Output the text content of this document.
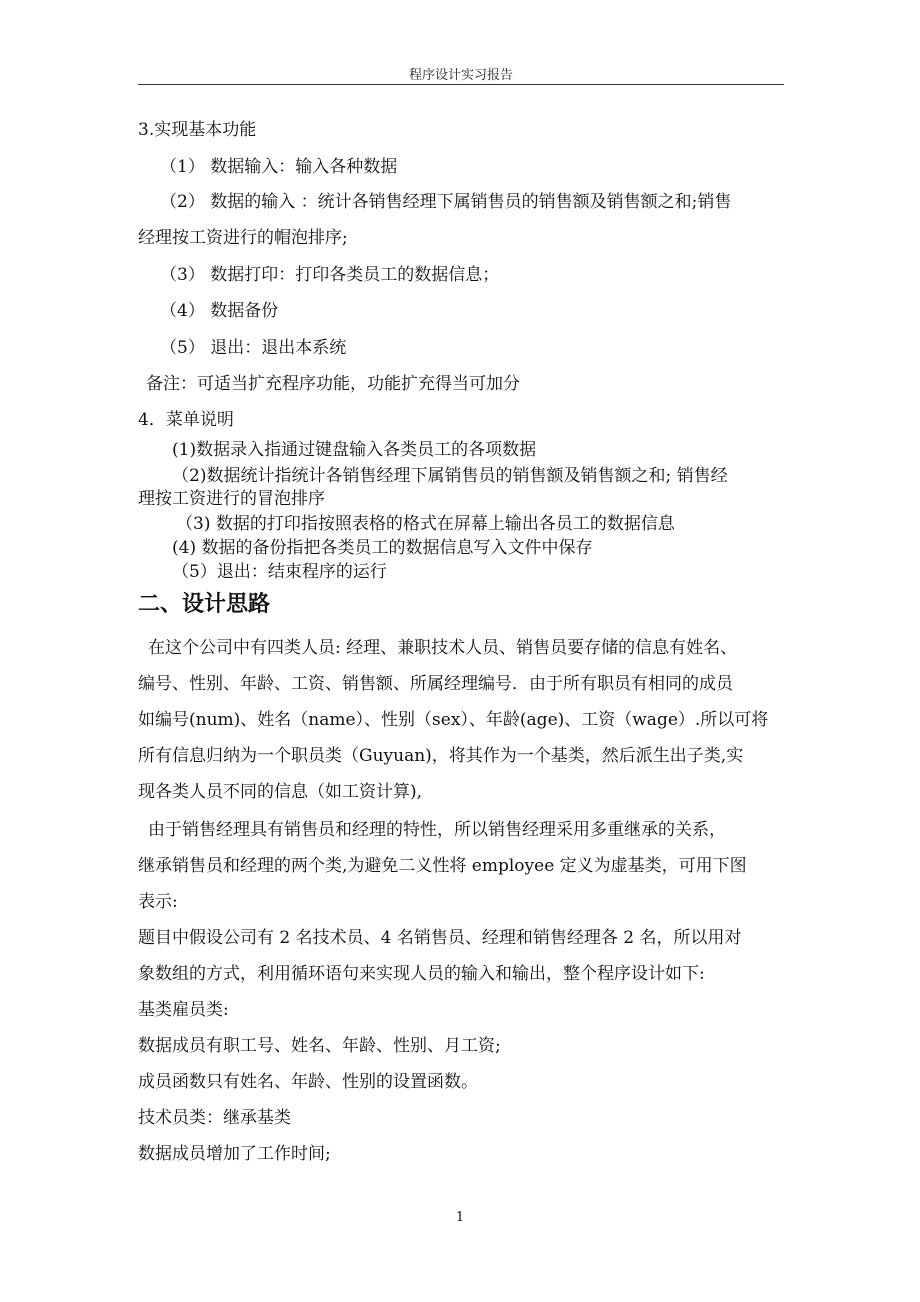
程序设计实习报告
3.实现基本功能
（1） 数据输入：输入各种数据
（2） 数据的输入 ：统计各销售经理下属销售员的销售额及销售额之和;销售
经理按工资进行的帽泡排序;
（3） 数据打印：打印各类员工的数据信息；
（4） 数据备份
（5） 退出：退出本系统
备注：可适当扩充程序功能，功能扩充得当可加分
4．菜单说明
(1)数据录入指通过键盘输入各类员工的各项数据
（2)数据统计指统计各销售经理下属销售员的销售额及销售额之和; 销售经
理按工资进行的冒泡排序
（3) 数据的打印指按照表格的格式在屏幕上输出各员工的数据信息
(4) 数据的备份指把各类员工的数据信息写入文件中保存
（5）退出：结束程序的运行
二、设计思路
在这个公司中有四类人员: 经理、兼职技术人员、销售员要存储的信息有姓名、
编号、性别、年龄、工资、销售额、所属经理编号．由于所有职员有相同的成员
如编号(num)、姓名（name）、性别（sex）、年龄(age)、工资（wage）.所以可将
所有信息归纳为一个职员类（Guyuan)，将其作为一个基类，然后派生出子类,实
现各类人员不同的信息（如工资计算),
由于销售经理具有销售员和经理的特性，所以销售经理采用多重继承的关系，
继承销售员和经理的两个类,为避免二义性将 employee 定义为虚基类，可用下图
表示:
题目中假设公司有 2 名技术员、4 名销售员、经理和销售经理各 2 名，所以用对
象数组的方式，利用循环语句来实现人员的输入和输出，整个程序设计如下:
基类雇员类:
数据成员有职工号、姓名、年龄、性别、月工资;
成员函数只有姓名、年龄、性别的设置函数。
技术员类：继承基类
数据成员增加了工作时间;
1
